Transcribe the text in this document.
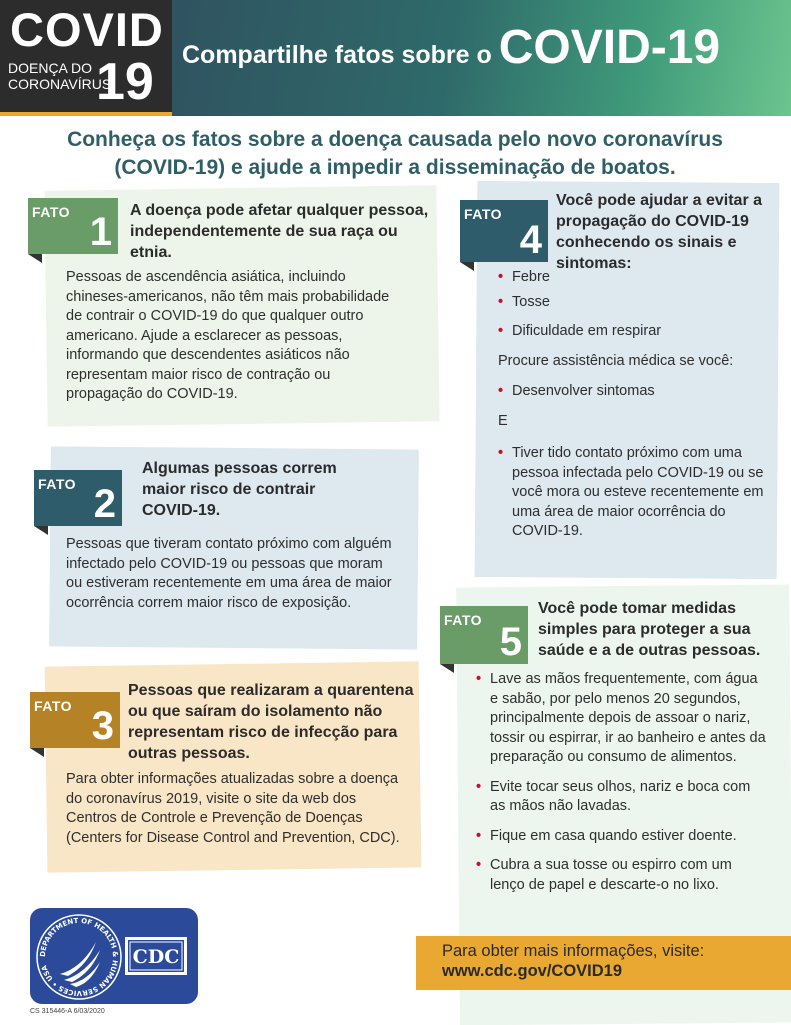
COVID
DOENÇA DO
CORONAVÍRUS
19 Compartilhe fatos sobre o COVID-19
Conheça os fatos sobre a doença causada pelo novo coronavírus (COVID-19) e ajude a impedir a disseminação de boatos.
FATO 1 A doença pode afetar qualquer pessoa, independentemente de sua raça ou etnia.
Pessoas de ascendência asiática, incluindo chineses-americanos, não têm mais probabilidade de contrair o COVID-19 do que qualquer outro americano. Ajude a esclarecer as pessoas, informando que descendentes asiáticos não representam maior risco de contração ou propagação do COVID-19.
FATO 2
Algumas pessoas correm maior risco de contrair COVID-19.
Pessoas que tiveram contato próximo com alguém infectado pelo COVID-19 ou pessoas que moram ou estiveram recentemente em uma área de maior ocorrência correm maior risco de exposição.
FATO 3
Pessoas que realizaram a quarentena ou que saíram do isolamento não representam risco de infecção para outras pessoas.
Para obter informações atualizadas sobre a doença do coronavírus 2019, visite o site da web dos Centros de Controle e Prevenção de Doenças (Centers for Disease Control and Prevention, CDC).
FATO
4
Você pode ajudar a evitar a propagação do COVID-19 conhecendo os sinais e sintomas:
• Febre
• Tosse
• Dificuldade em respirar
Procure assistência médica se você:
• Desenvolver sintomas
E
• Tiver tido contato próximo com uma pessoa infectada pelo COVID-19 ou se você mora ou esteve recentemente em uma área de maior ocorrência do COVID-19.
FATO 5
Você pode tomar medidas simples para proteger a sua saúde e a de outras pessoas.
• Lave as mãos frequentemente, com água e sabão, por pelo menos 20 segundos, principalmente depois de assoar o nariz, tossir ou espirrar, ir ao banheiro e antes da preparação ou consumo de alimentos.
• Evite tocar seus olhos, nariz e boca com as mãos não lavadas.
• Fique em casa quando estiver doente.
• Cubra a sua tosse ou espirro com um lenço de papel e descarte-o no lixo.
Para obter mais informações, visite:
www.cdc.gov/COVID19
DEPARTMENT OF HEALTH & HUMAN SERVICES • USA	CDC
CS 315446-A 6/03/2020
